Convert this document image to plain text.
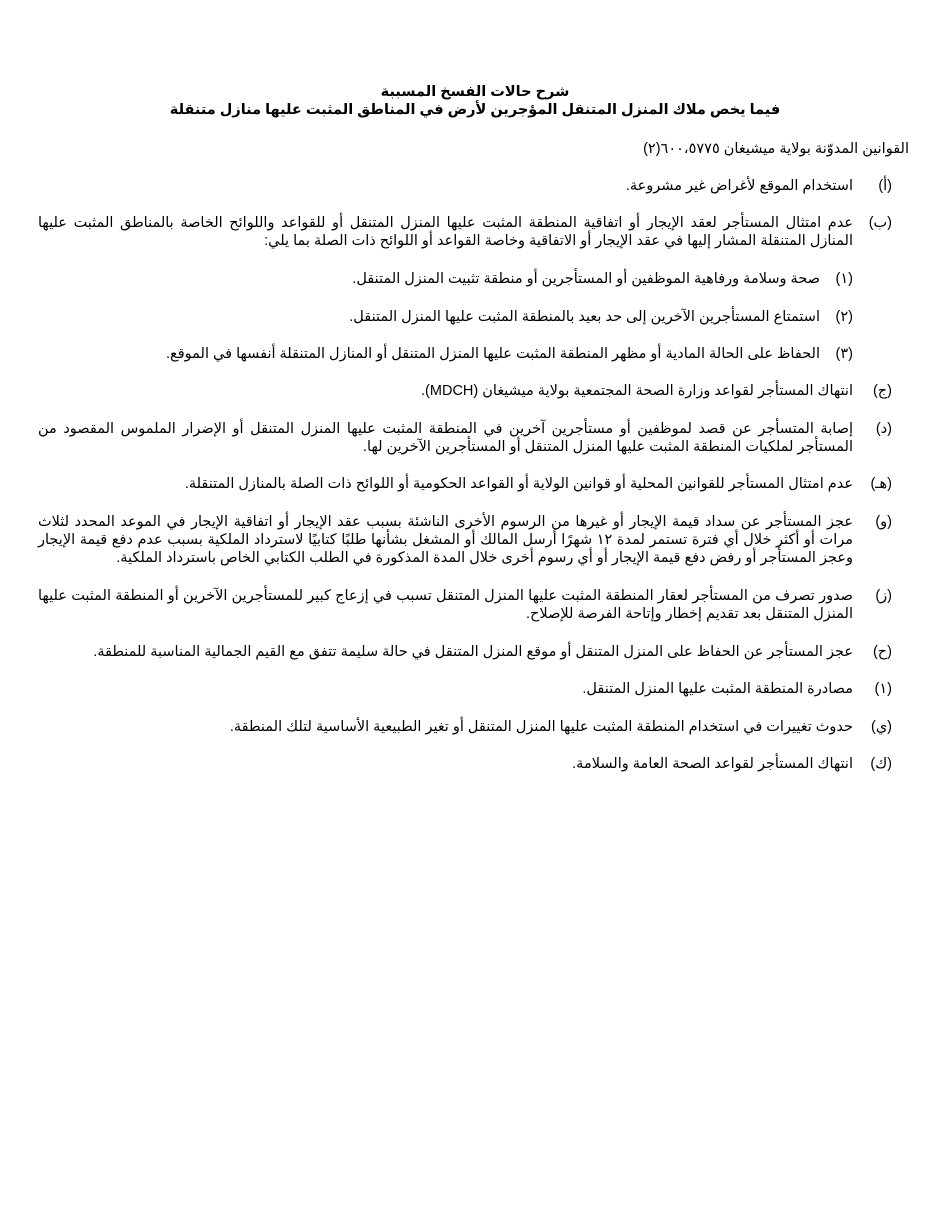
شرح حالات الفسخ المسببة
فيما يخص ملاك المنزل المتنقل المؤجرين لأرض في المناطق المثبت عليها منازل متنقلة
القوانين المدوّنة بولاية ميشيغان ٦٠٠،٥٧٧٥(٢)
(أ)
استخدام الموقع لأغراض غير مشروعة.
(ب)
عدم امتثال المستأجر لعقد الإيجار أو اتفاقية المنطقة المثبت عليها المنزل المتنقل أو للقواعد واللوائح الخاصة بالمناطق المثبت عليها المنازل المتنقلة المشار إليها في عقد الإيجار أو الاتفاقية وخاصة القواعد أو اللوائح ذات الصلة بما يلي:
(١)
صحة وسلامة ورفاهية الموظفين أو المستأجرين أو منطقة تثبيت المنزل المتنقل.
(٢)
استمتاع المستأجرين الآخرين إلى حد بعيد بالمنطقة المثبت عليها المنزل المتنقل.
(٣)
الحفاظ على الحالة المادية أو مظهر المنطقة المثبت عليها المنزل المتنقل أو المنازل المتنقلة أنفسها في الموقع.
(ج)
انتهاك المستأجر لقواعد وزارة الصحة المجتمعية بولاية ميشيغان (MDCH).
(د)
إصابة المتسأجر عن قصد لموظفين أو مستأجرين آخرين في المنطقة المثبت عليها المنزل المتنقل أو الإضرار الملموس المقصود من المستأجر لملكيات المنطقة المثبت عليها المنزل المتنقل أو المستأجرين الآخرين لها.
(هـ)
عدم امتثال المستأجر للقوانين المحلية أو قوانين الولاية أو القواعد الحكومية أو اللوائح ذات الصلة بالمنازل المتنقلة.
(و)
عجز المستأجر عن سداد قيمة الإيجار أو غيرها من الرسوم الأخرى الناشئة بسبب عقد الإيجار أو اتفاقية الإيجار في الموعد المحدد لثلاث مرات أو أكثر خلال أي فترة تستمر لمدة ١٢ شهرًا أرسل المالك أو المشغل بشأنها طلبًا كتابيًا لاسترداد الملكية بسبب عدم دفع قيمة الإيجار وعجز المستأجر أو رفض دفع قيمة الإيجار أو أي رسوم أخرى خلال المدة المذكورة في الطلب الكتابي الخاص باسترداد الملكية.
(ز)
صدور تصرف من المستأجر لعقار المنطقة المثبت عليها المنزل المتنقل تسبب في إزعاج كبير للمستأجرين الآخرين أو المنطقة المثبت عليها المنزل المتنقل بعد تقديم إخطار وإتاحة الفرصة للإصلاح.
(ح)
عجز المستأجر عن الحفاظ على المنزل المتنقل أو موقع المنزل المتنقل في حالة سليمة تتفق مع القيم الجمالية المناسبة للمنطقة.
(١)
مصادرة المنطقة المثبت عليها المنزل المتنقل.
(ي)
حدوث تغييرات في استخدام المنطقة المثبت عليها المنزل المتنقل أو تغير الطبيعية الأساسية لتلك المنطقة.
(ك)
انتهاك المستأجر لقواعد الصحة العامة والسلامة.
